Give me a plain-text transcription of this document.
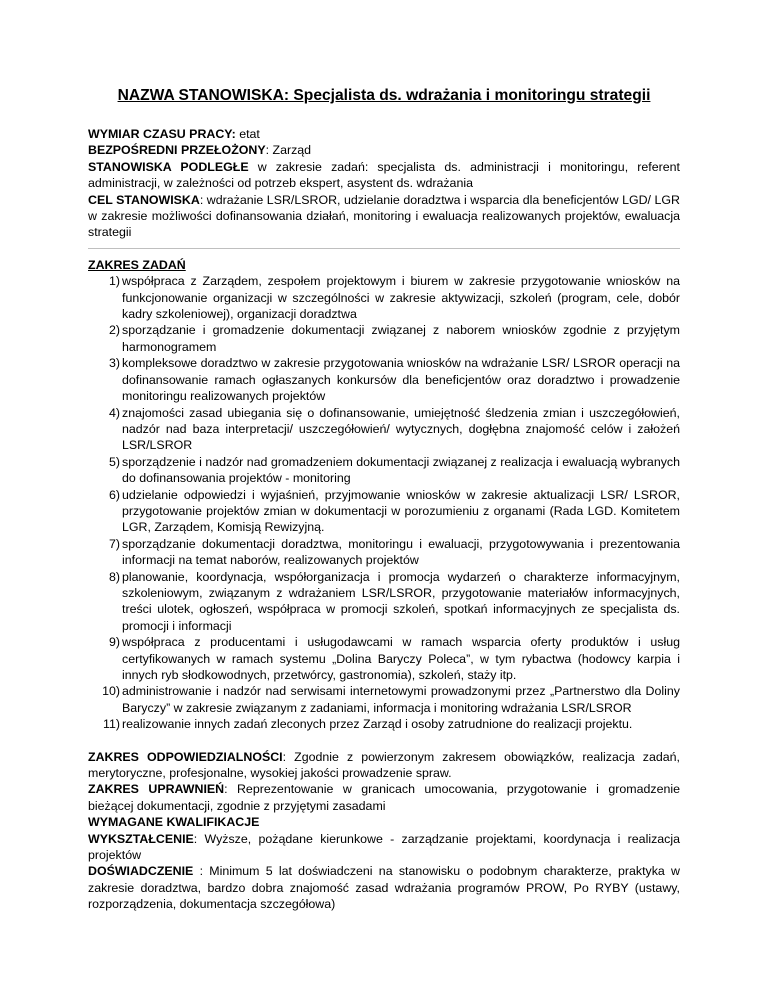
NAZWA STANOWISKA: Specjalista ds. wdrażania i monitoringu strategii

WYMIAR CZASU PRACY: etat

BEZPOŚREDNI PRZEŁOŻONY: Zarząd

STANOWISKA PODLEGŁE w zakresie zadań: specjalista ds. administracji i monitoringu, referent administracji, w zależności od potrzeb ekspert, asystent ds. wdrażania

CEL STANOWISKA: wdrażanie LSR/LSROR, udzielanie doradztwa i wsparcia dla beneficjentów LGD/ LGR w zakresie możliwości dofinansowania działań, monitoring i ewaluacja realizowanych projektów, ewaluacja strategii

ZAKRES ZADAŃ

1) współpraca z Zarządem, zespołem projektowym i biurem w zakresie przygotowanie wniosków na funkcjonowanie organizacji w szczególności w zakresie aktywizacji, szkoleń (program, cele, dobór kadry szkoleniowej), organizacji doradztwa
2) sporządzanie i gromadzenie dokumentacji związanej z naborem wniosków zgodnie z przyjętym harmonogramem
3) kompleksowe doradztwo w zakresie przygotowania wniosków na wdrażanie LSR/ LSROR operacji na dofinansowanie ramach ogłaszanych konkursów dla beneficjentów oraz doradztwo i prowadzenie monitoringu realizowanych projektów
4) znajomości zasad ubiegania się o dofinansowanie, umiejętność śledzenia zmian i uszczegółowień, nadzór nad baza interpretacji/ uszczegółowień/ wytycznych, dogłębna znajomość celów i założeń LSR/LSROR
5) sporządzenie i nadzór nad gromadzeniem dokumentacji związanej z realizacja i ewaluacją wybranych do dofinansowania projektów - monitoring
6) udzielanie odpowiedzi i wyjaśnień, przyjmowanie wniosków w zakresie aktualizacji LSR/ LSROR, przygotowanie projektów zmian w dokumentacji w porozumieniu z organami (Rada LGD. Komitetem LGR, Zarządem, Komisją Rewizyjną.
7) sporządzanie dokumentacji doradztwa, monitoringu i ewaluacji, przygotowywania i prezentowania informacji na temat naborów, realizowanych projektów
8) planowanie, koordynacja, współorganizacja i promocja wydarzeń o charakterze informacyjnym, szkoleniowym, związanym z wdrażaniem LSR/LSROR, przygotowanie materiałów informacyjnych, treści ulotek, ogłoszeń, współpraca w promocji szkoleń, spotkań informacyjnych ze specjalista ds. promocji i informacji
9) współpraca z producentami i usługodawcami w ramach wsparcia oferty produktów i usług certyfikowanych w ramach systemu „Dolina Baryczy Poleca”, w tym rybactwa (hodowcy karpia i innych ryb słodkowodnych, przetwórcy, gastronomia), szkoleń, staży itp.
10) administrowanie i nadzór nad serwisami internetowymi prowadzonymi przez „Partnerstwo dla Doliny Baryczy” w zakresie związanym z zadaniami, informacja i monitoring wdrażania LSR/LSROR
11) realizowanie innych zadań zleconych przez Zarząd i osoby zatrudnione do realizacji projektu.

ZAKRES ODPOWIEDZIALNOŚCI: Zgodnie z powierzonym zakresem obowiązków, realizacja zadań, merytoryczne, profesjonalne, wysokiej jakości prowadzenie spraw.

ZAKRES UPRAWNIEŃ: Reprezentowanie w granicach umocowania, przygotowanie i gromadzenie bieżącej dokumentacji, zgodnie z przyjętymi zasadami

WYMAGANE KWALIFIKACJE

WYKSZTAŁCENIE: Wyższe, pożądane kierunkowe - zarządzanie projektami, koordynacja i realizacja projektów

DOŚWIADCZENIE : Minimum 5 lat doświadczeni na stanowisku o podobnym charakterze, praktyka w zakresie doradztwa, bardzo dobra znajomość zasad wdrażania programów PROW, Po RYBY (ustawy, rozporządzenia, dokumentacja szczegółowa)
